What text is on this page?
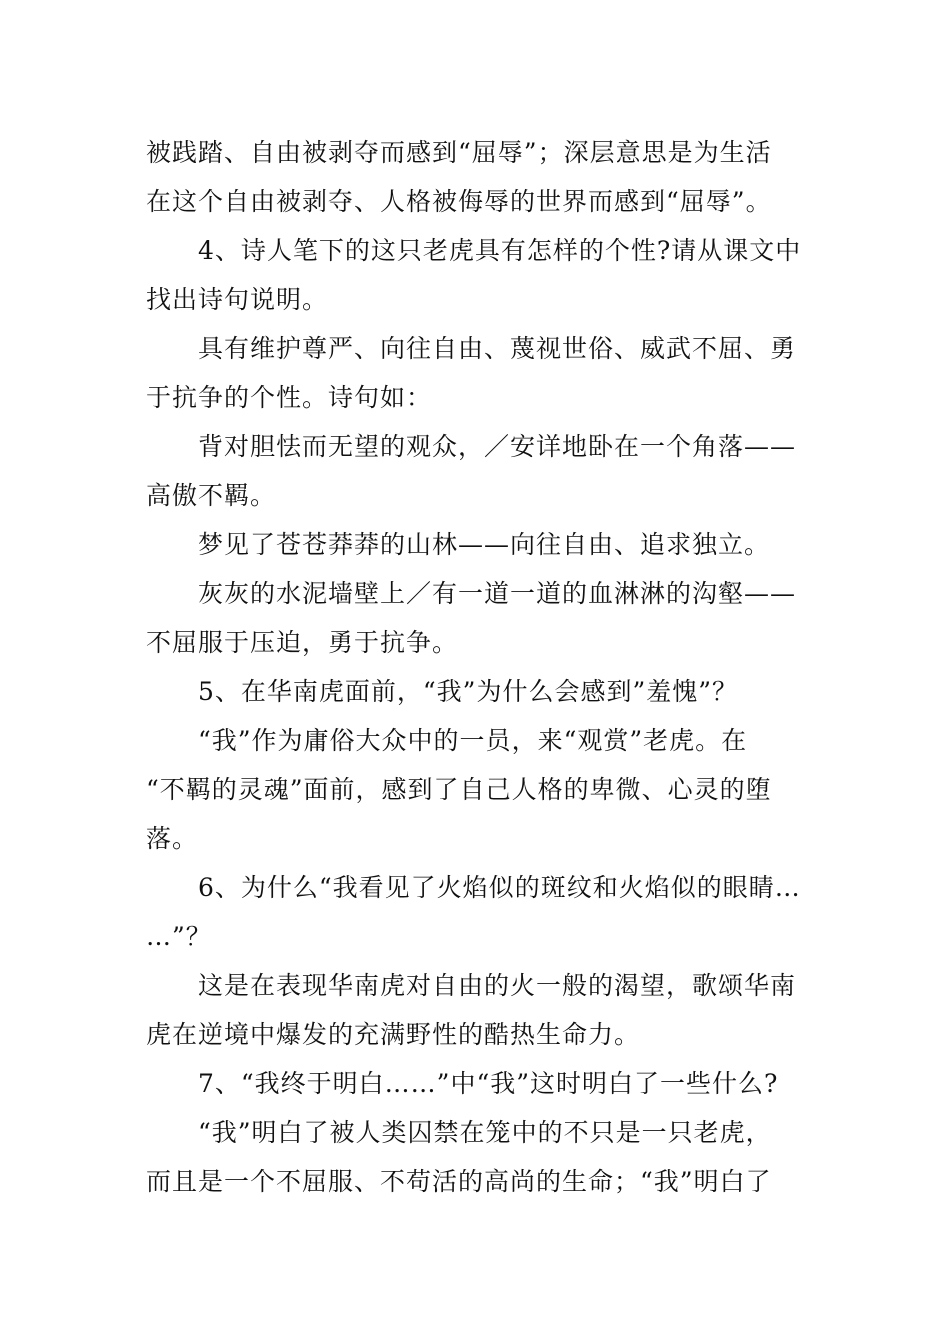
被践踏、自由被剥夺而感到“屈辱”；深层意思是为生活
在这个自由被剥夺、人格被侮辱的世界而感到“屈辱”。
4、诗人笔下的这只老虎具有怎样的个性?请从课文中
找出诗句说明。
具有维护尊严、向往自由、蔑视世俗、威武不屈、勇
于抗争的个性。诗句如：
背对胆怯而无望的观众，／安详地卧在一个角落——
高傲不羁。
梦见了苍苍莽莽的山林——向往自由、追求独立。
灰灰的水泥墙壁上／有一道一道的血淋淋的沟壑——
不屈服于压迫，勇于抗争。
5、在华南虎面前，“我”为什么会感到”羞愧”？
“我”作为庸俗大众中的一员，来“观赏”老虎。在
“不羁的灵魂”面前，感到了自己人格的卑微、心灵的堕
落。
6、为什么“我看见了火焰似的斑纹和火焰似的眼睛…
…”？
这是在表现华南虎对自由的火一般的渴望，歌颂华南
虎在逆境中爆发的充满野性的酷热生命力。
7、“我终于明白……”中“我”这时明白了一些什么?
“我”明白了被人类囚禁在笼中的不只是一只老虎，
而且是一个不屈服、不苟活的高尚的生命；“我”明白了
